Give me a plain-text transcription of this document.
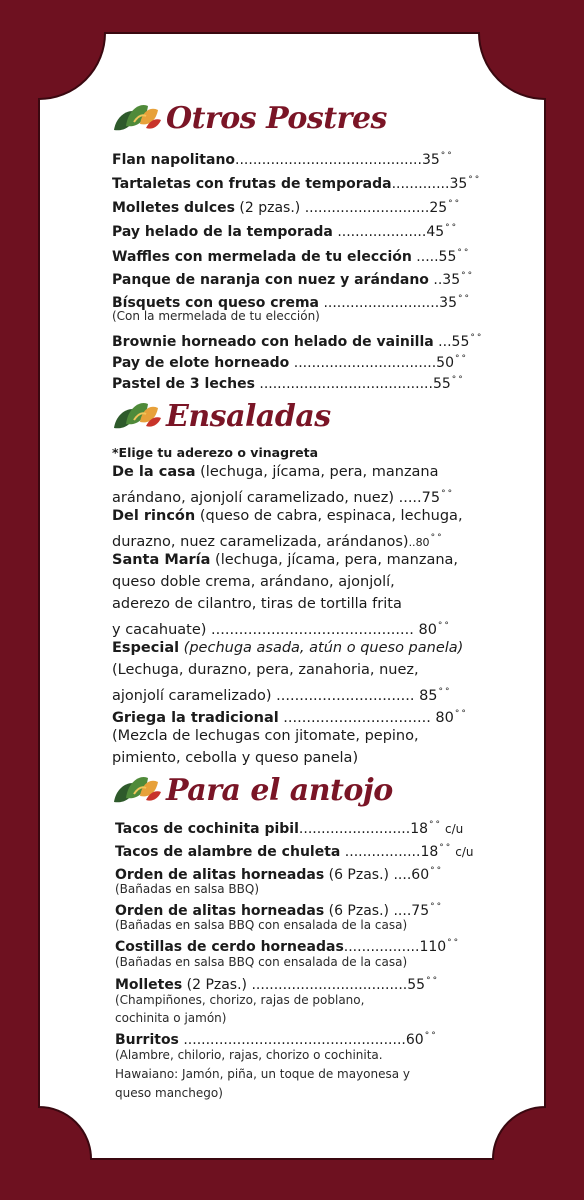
Otros Postres
Flan napolitano..........................................35°°
Tartaletas con frutas de temporada.............35°°
Molletes dulces (2 pzas.) ............................25°°
Pay helado de la temporada ....................45°°
Waffles con mermelada de tu elección .....55°°
Panque de naranja con nuez y arándano ..35°°
Bísquets con queso crema ..........................35°°
(Con la mermelada de tu elección)
Brownie horneado con helado de vainilla ...55°°
Pay de elote horneado ................................50°°
Pastel de 3 leches .......................................55°°
Ensaladas
*Elige tu aderezo o vinagreta
De la casa (lechuga, jícama, pera, manzana
arándano, ajonjolí caramelizado, nuez) .....75°°
Del rincón (queso de cabra, espinaca, lechuga,
durazno, nuez caramelizada, arándanos)..80°°
Santa María (lechuga, jícama, pera, manzana,
queso doble crema, arándano, ajonjolí,
aderezo de cilantro, tiras de tortilla frita
y cacahuate) ............................................ 80°°
Especial (pechuga asada, atún o queso panela)
(Lechuga, durazno, pera, zanahoria, nuez,
ajonjolí caramelizado) .............................. 85°°
Griega la tradicional ................................ 80°°
(Mezcla de lechugas con jitomate, pepino,
pimiento, cebolla y queso panela)
Para el antojo
Tacos de cochinita pibil.........................18°° c/u
Tacos de alambre de chuleta .................18°° c/u
Orden de alitas horneadas (6 Pzas.) ....60°°
(Bañadas en salsa BBQ)
Orden de alitas horneadas (6 Pzas.) ....75°°
(Bañadas en salsa BBQ con ensalada de la casa)
Costillas de cerdo horneadas.................110°°
(Bañadas en salsa BBQ con ensalada de la casa)
Molletes (2 Pzas.) ...................................55°°
(Champiñones, chorizo, rajas de poblano,
cochinita o jamón)
Burritos ..................................................60°°
(Alambre, chilorio, rajas, chorizo o cochinita.
Hawaiano: Jamón, piña, un toque de mayonesa y
queso manchego)
